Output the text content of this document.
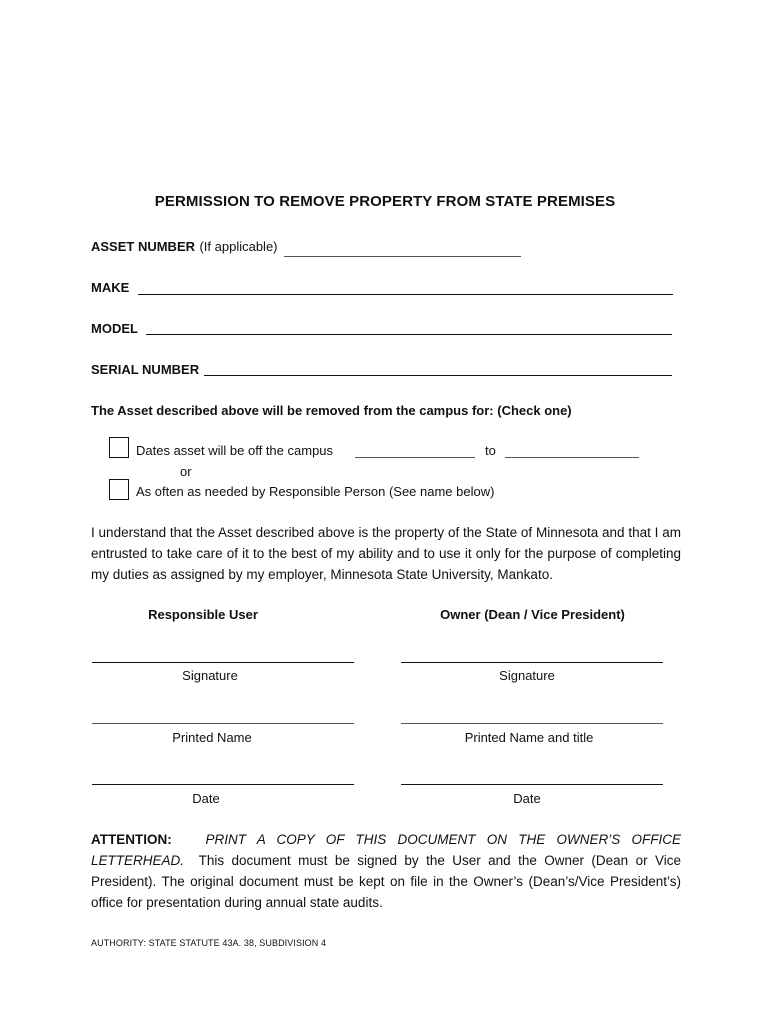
PERMISSION TO REMOVE PROPERTY FROM STATE PREMISES
ASSET NUMBER (If applicable)
MAKE
MODEL
SERIAL NUMBER
The Asset described above will be removed from the campus for: (Check one)
Dates asset will be off the campus	to
or
As often as needed by Responsible Person (See name below)
I understand that the Asset described above is the property of the State of Minnesota and that I am entrusted to take care of it to the best of my ability and to use it only for the purpose of completing my duties as assigned by my employer, Minnesota State University, Mankato.
Responsible User	Owner (Dean / Vice President)
Signature	Signature
Printed Name	Printed Name and title
Date	Date
ATTENTION:	PRINT A COPY OF THIS DOCUMENT ON THE OWNER’S OFFICE LETTERHEAD. This document must be signed by the User and the Owner (Dean or Vice President). The original document must be kept on file in the Owner’s (Dean’s/Vice President’s) office for presentation during annual state audits.
AUTHORITY: STATE STATUTE 43A. 38, SUBDIVISION 4
